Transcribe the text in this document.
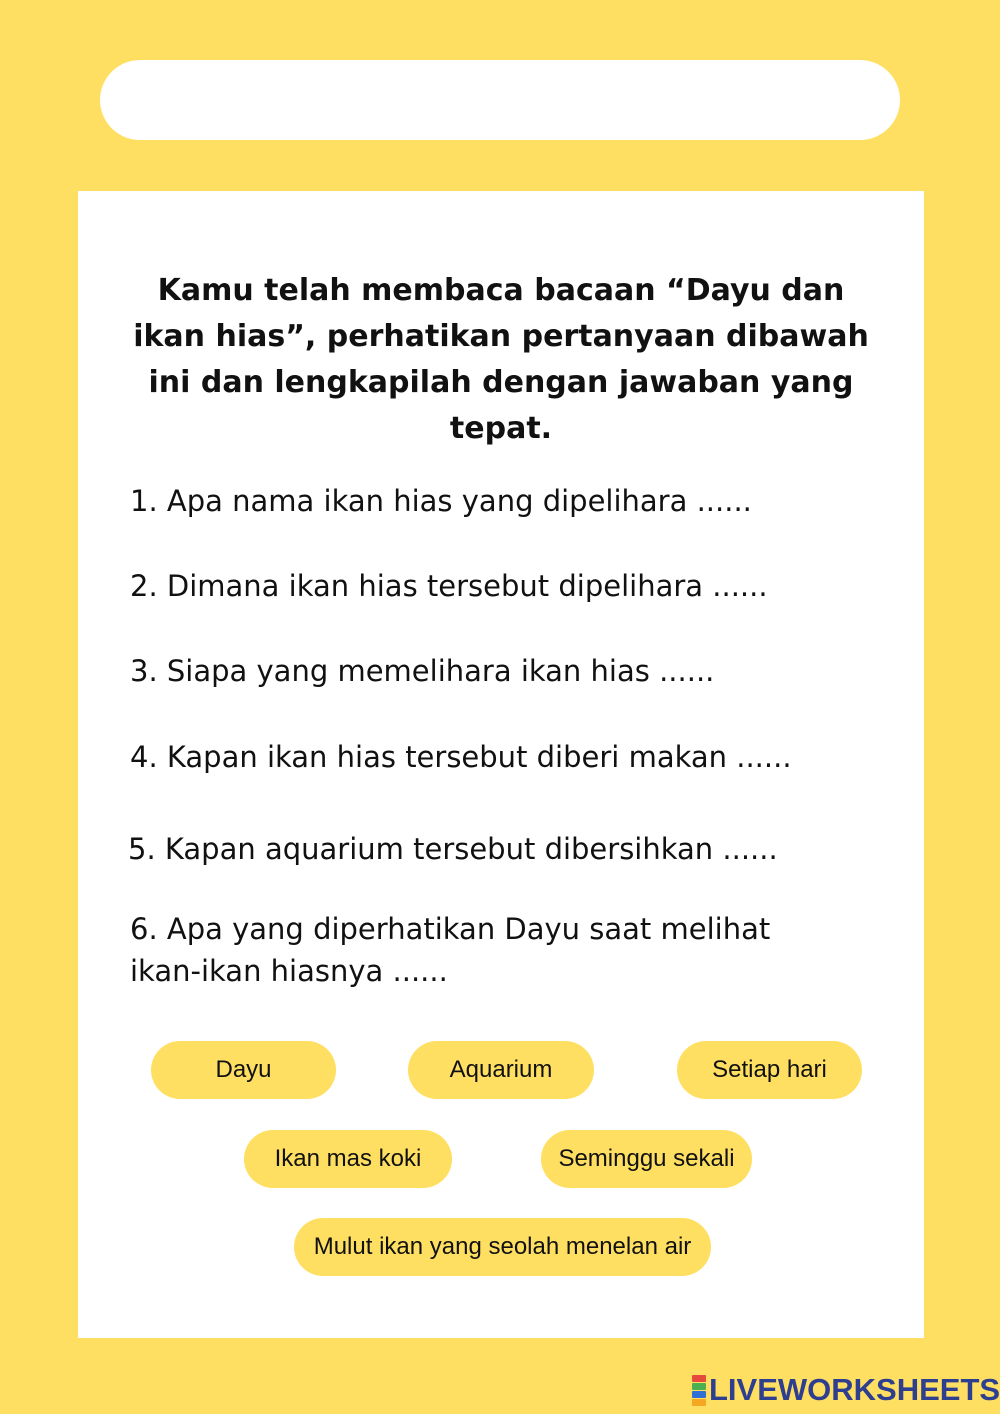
Kamu telah membaca bacaan “Dayu dan ikan hias”, perhatikan pertanyaan dibawah ini dan lengkapilah dengan jawaban yang tepat.
1. Apa nama ikan hias yang dipelihara ......
2. Dimana ikan hias tersebut dipelihara ......
3. Siapa yang memelihara ikan hias ......
4. Kapan ikan hias tersebut diberi makan ......
5. Kapan aquarium tersebut dibersihkan ......
6. Apa yang diperhatikan Dayu saat melihat ikan-ikan hiasnya ......
Dayu	Aquarium	Setiap hari
Ikan mas koki	Seminggu sekali
Mulut ikan yang seolah menelan air
LIVEWORKSHEETS
